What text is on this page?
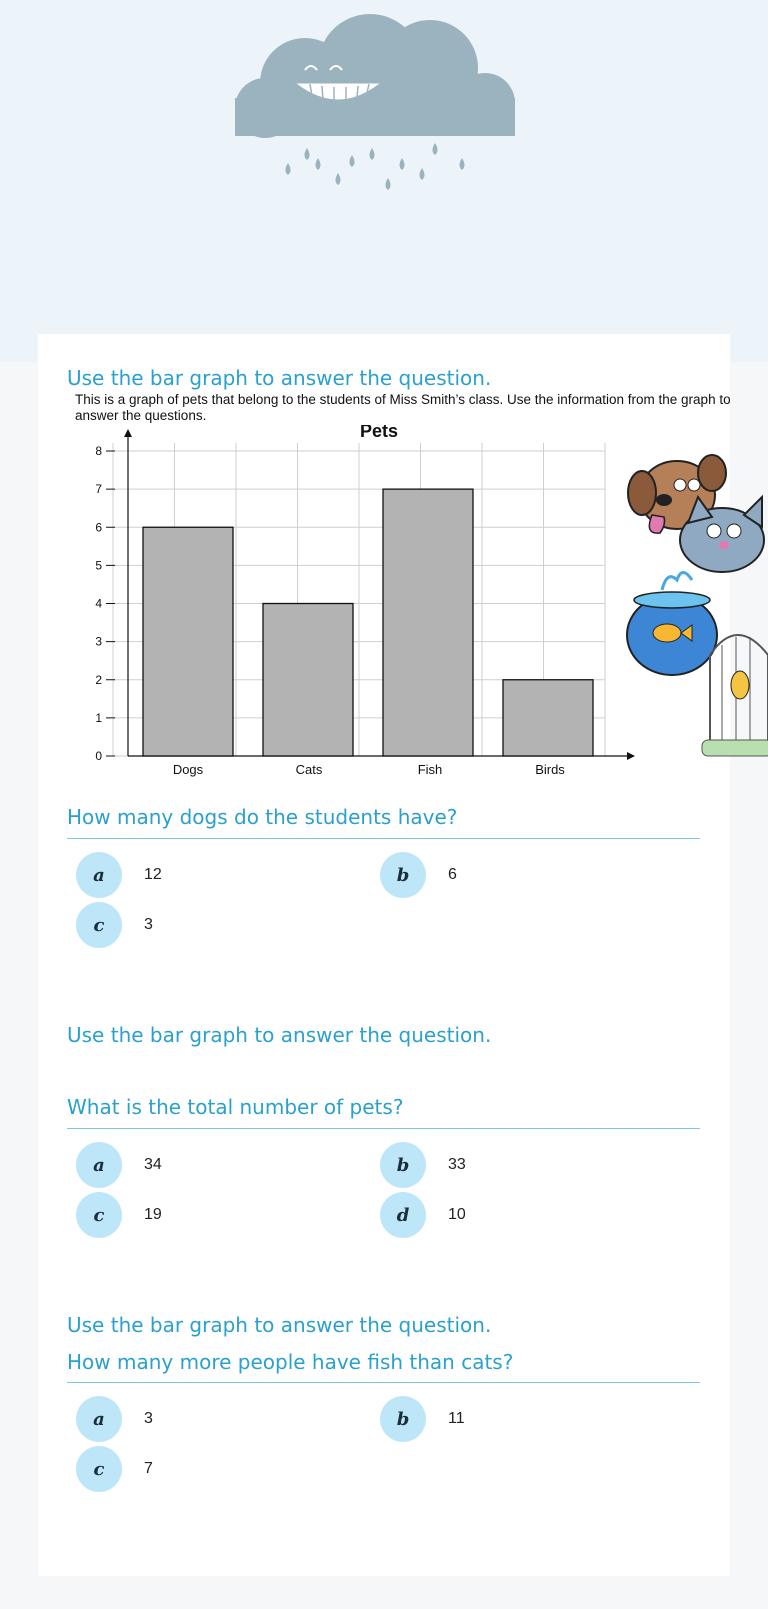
Use the bar graph to answer the question.
This is a graph of pets that belong to the students of Miss Smith’s class. Use the information from the graph to answer the questions.
Pets
0
1
2
3
4
5
6
7
8
Dogs	Cats	Fish	Birds
How many dogs do the students have?
a	12	b	6
c	3
Use the bar graph to answer the question.
What is the total number of pets?
a	34	b	33
c	19	d	10
Use the bar graph to answer the question.
How many more people have fish than cats?
a	3	b	11
c	7
